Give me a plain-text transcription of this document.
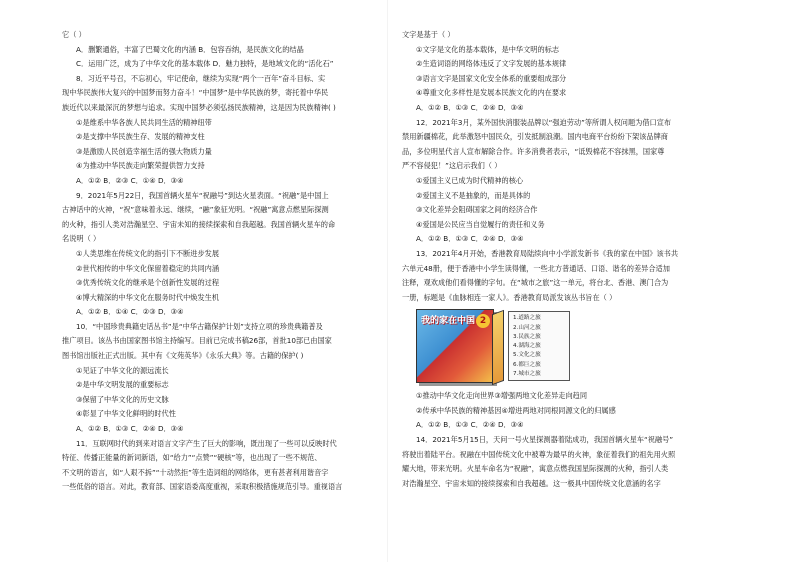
它（ ）
A．删繁通俗，丰富了巴蜀文化的内涵 B．包容吞纳，是民族文化的结晶
C．运用广泛，成为了中华文化的基本载体 D．魅力独特，是地域文化的“活化石”
8．习近平号召，不忘初心，牢记使命，继续为实现“两个一百年”奋斗目标、实
现中华民族伟大复兴的中国梦而努力奋斗！“中国梦”是中华民族的梦，寄托着中华民
族近代以来最深沉的梦想与追求。实现中国梦必须弘扬民族精神，这是因为民族精神( )
①是维系中华各族人民共同生活的精神纽带
②是支撑中华民族生存、发展的精神支柱
③是激励人民创造幸福生活的强大物质力量
④为推动中华民族走向繁荣提供智力支持
A．①② B．②③ C．①④ D．③④
9．2021年5月22日，我国首辆火星车“祝融号”到达火星表面。“祝融”是中国上
古神话中的火神，“祝”意味着永远、继续，“融”象征光明。“祝融”寓意点燃星际探测
的火种，指引人类对浩瀚星空、宇宙未知的接续探索和自我超越。我国首辆火星车的命
名说明（ ）
①人类思维在传统文化的指引下不断进步发展
②世代相传的中华文化保留着稳定的共同内涵
③优秀传统文化的继承是个创新性发展的过程
④博大精深的中华文化在服务时代中焕发生机
A．①② B．①④ C．②③ D．③④
10．“中国珍贵典籍史话丛书”是“中华古籍保护计划”支持立项的珍贵典籍普及
推广项目。该丛书由国家图书馆主持编写。目前已完成书稿26部，首批10部已由国家
图书馆出版社正式出版。其中有《文苑英华》《永乐大典》等。古籍的保护( )
①见证了中华文化的源远流长
②是中华文明发展的重要标志
③保留了中华文化的历史文脉
④彰显了中华文化鲜明的时代性
A．①② B．①③ C．②④ D．③④
11．互联网时代的到来对语言文字产生了巨大的影响，既出现了一些可以反映时代
特征、传播正能量的新词新语，如“给力”“点赞”“硬核”等，也出现了一些不规范、
不文明的语言，如“人艰不拆”“十动然拒”等生造词组的网络体，更有甚者利用谐音字
一些低俗的语言。对此，教育部、国家语委高度重视，采取积极措施规范引导。重视语言
文字是基于（ ）
①文字是文化的基本载体，是中华文明的标志
②生造词语的网络体违反了文字发展的基本规律
③语言文字是国家文化安全体系的重要组成部分
④尊重文化多样性是发展本民族文化的内在要求
A．①② B．①③ C．②④ D．③④
12．2021年3月，某外国快消服装品牌以“强迫劳动”等所谓人权问题为借口宣布
禁用新疆棉花，此举激怒中国民众，引发抵制浪潮。国内电商平台纷纷下架该品牌商
品，多位明星代言人宣布解除合作。许多消费者表示，“诋毁棉花不容抹黑，国家尊
严不容侵犯！”这启示我们（ ）
①爱国主义已成为时代精神的核心
②爱国主义不是抽象的，而是具体的
③文化差异会阻碍国家之间的经济合作
④爱国是公民应当自觉履行的责任和义务
A．①② B．①③ C．②④ D．③④
13．2021年4月开始，香港教育局陆续向中小学派发新书《我的家在中国》该书共
六单元48册，便于香港中小学生读得懂，一些北方普通话、口语、谐名的差异合适加
注释，观欢成他们看得懂的字句。在“城市之旅”这一单元，将台北、香港、澳门合为
一册，标题是《血脉相连一家人》。香港教育局派发该丛书旨在（ ）
我的家在中国 2	1.道路之旅
2.山河之旅
3.民族之旅
4.湖海之旅
5.文化之旅
6.都巨之旅
7.城市之旅
①推动中华文化走向世界③增强两地文化差异走向趋同
②传承中华民族的精神基因④增进两地对同根同源文化的归属感
A．①② B．①③ C．②④ D．③④
14．2021年5月15日，天问一号火星探测器着陆成功，我国首辆火星车“祝融号”
将驶出着陆平台。祝融在中国传统文化中被尊为最早的火神，象征着我们的祖先用火照
耀大地，带来光明。火星车命名为“祝融”，寓意点燃我国星际探测的火种，指引人类
对浩瀚星空、宇宙未知的接续探索和自我超越。这一极具中国传统文化意涵的名字
